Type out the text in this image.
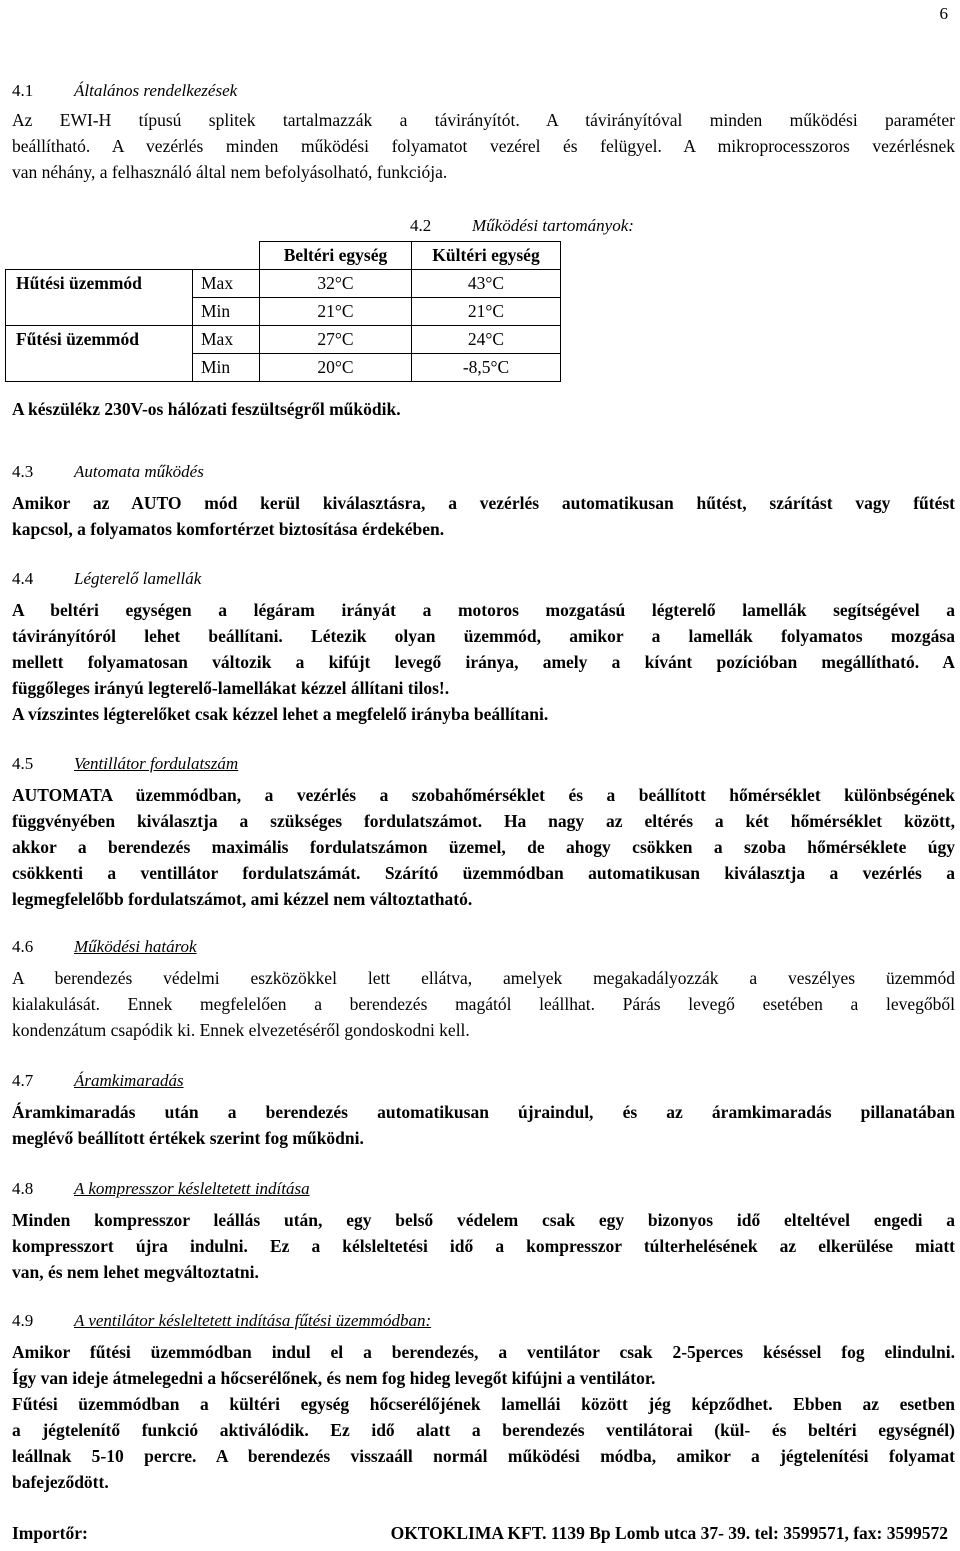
6

4.1 Általános rendelkezések

Az EWI-H típusú splitek tartalmazzák a távirányítót. A távirányítóval minden működési paraméter
beállítható. A vezérlés minden működési folyamatot vezérel és felügyel. A mikroprocesszoros vezérlésnek
van néhány, a felhasználó által nem befolyásolható, funkciója.

4.2 Működési tartományok:

		Beltéri egység	Kültéri egység
Hűtési üzemmód	Max	32°C	43°C
	Min	21°C	21°C
Fűtési üzemmód	Max	27°C	24°C
	Min	20°C	-8,5°C

A készülékz 230V-os hálózati feszültségről működik.

4.3 Automata működés

Amikor az AUTO mód kerül kiválasztásra, a vezérlés automatikusan hűtést, szárítást vagy fűtést
kapcsol, a folyamatos komfortérzet biztosítása érdekében.

4.4 Légterelő lamellák

A beltéri egységen a légáram irányát a motoros mozgatású légterelő lamellák segítségével a
távirányítóról lehet beállítani. Létezik olyan üzemmód, amikor a lamellák folyamatos mozgása
mellett folyamatosan változik a kifújt levegő iránya, amely a kívánt pozícióban megállítható. A
függőleges irányú legterelő-lamellákat kézzel állítani tilos!.
A vízszintes légterelőket csak kézzel lehet a megfelelő irányba beállítani.

4.5 Ventillátor fordulatszám

AUTOMATA üzemmódban, a vezérlés a szobahőmérséklet és a beállított hőmérséklet különbségének
függvényében kiválasztja a szükséges fordulatszámot. Ha nagy az eltérés a két hőmérséklet között,
akkor a berendezés maximális fordulatszámon üzemel, de ahogy csökken a szoba hőmérséklete úgy
csökkenti a ventillátor fordulatszámát. Szárító üzemmódban automatikusan kiválasztja a vezérlés a
legmegfelelőbb fordulatszámot, ami kézzel nem változtatható.

4.6 Működési határok

A berendezés védelmi eszközökkel lett ellátva, amelyek megakadályozzák a veszélyes üzemmód
kialakulását. Ennek megfelelően a berendezés magától leállhat. Párás levegő esetében a levegőből
kondenzátum csapódik ki. Ennek elvezetéséről gondoskodni kell.

4.7 Áramkimaradás

Áramkimaradás után a berendezés automatikusan újraindul, és az áramkimaradás pillanatában
meglévő beállított értékek szerint fog működni.

4.8 A kompresszor késleltetett indítása

Minden kompresszor leállás után, egy belső védelem csak egy bizonyos idő elteltével engedi a
kompresszort újra indulni. Ez a kélsleltetési idő a kompresszor túlterhelésének az elkerülése miatt
van, és nem lehet megváltoztatni.

4.9 A ventilátor késleltetett indítása fűtési üzemmódban:

Amikor fűtési üzemmódban indul el a berendezés, a ventilátor csak 2-5perces késéssel fog elindulni.
Így van ideje átmelegedni a hőcserélőnek, és nem fog hideg levegőt kifújni a ventilátor.
Fűtési üzemmódban a kültéri egység hőcserélőjének lamellái között jég képződhet. Ebben az esetben
a jégtelenítő funkció aktiválódik. Ez idő alatt a berendezés ventilátorai (kül- és beltéri egységnél)
leállnak 5-10 percre. A berendezés visszaáll normál működési módba, amikor a jégtelenítési folyamat
bafejeződött.

Importőr:	OKTOKLIMA KFT. 1139 Bp Lomb utca 37- 39. tel: 3599571, fax: 3599572
